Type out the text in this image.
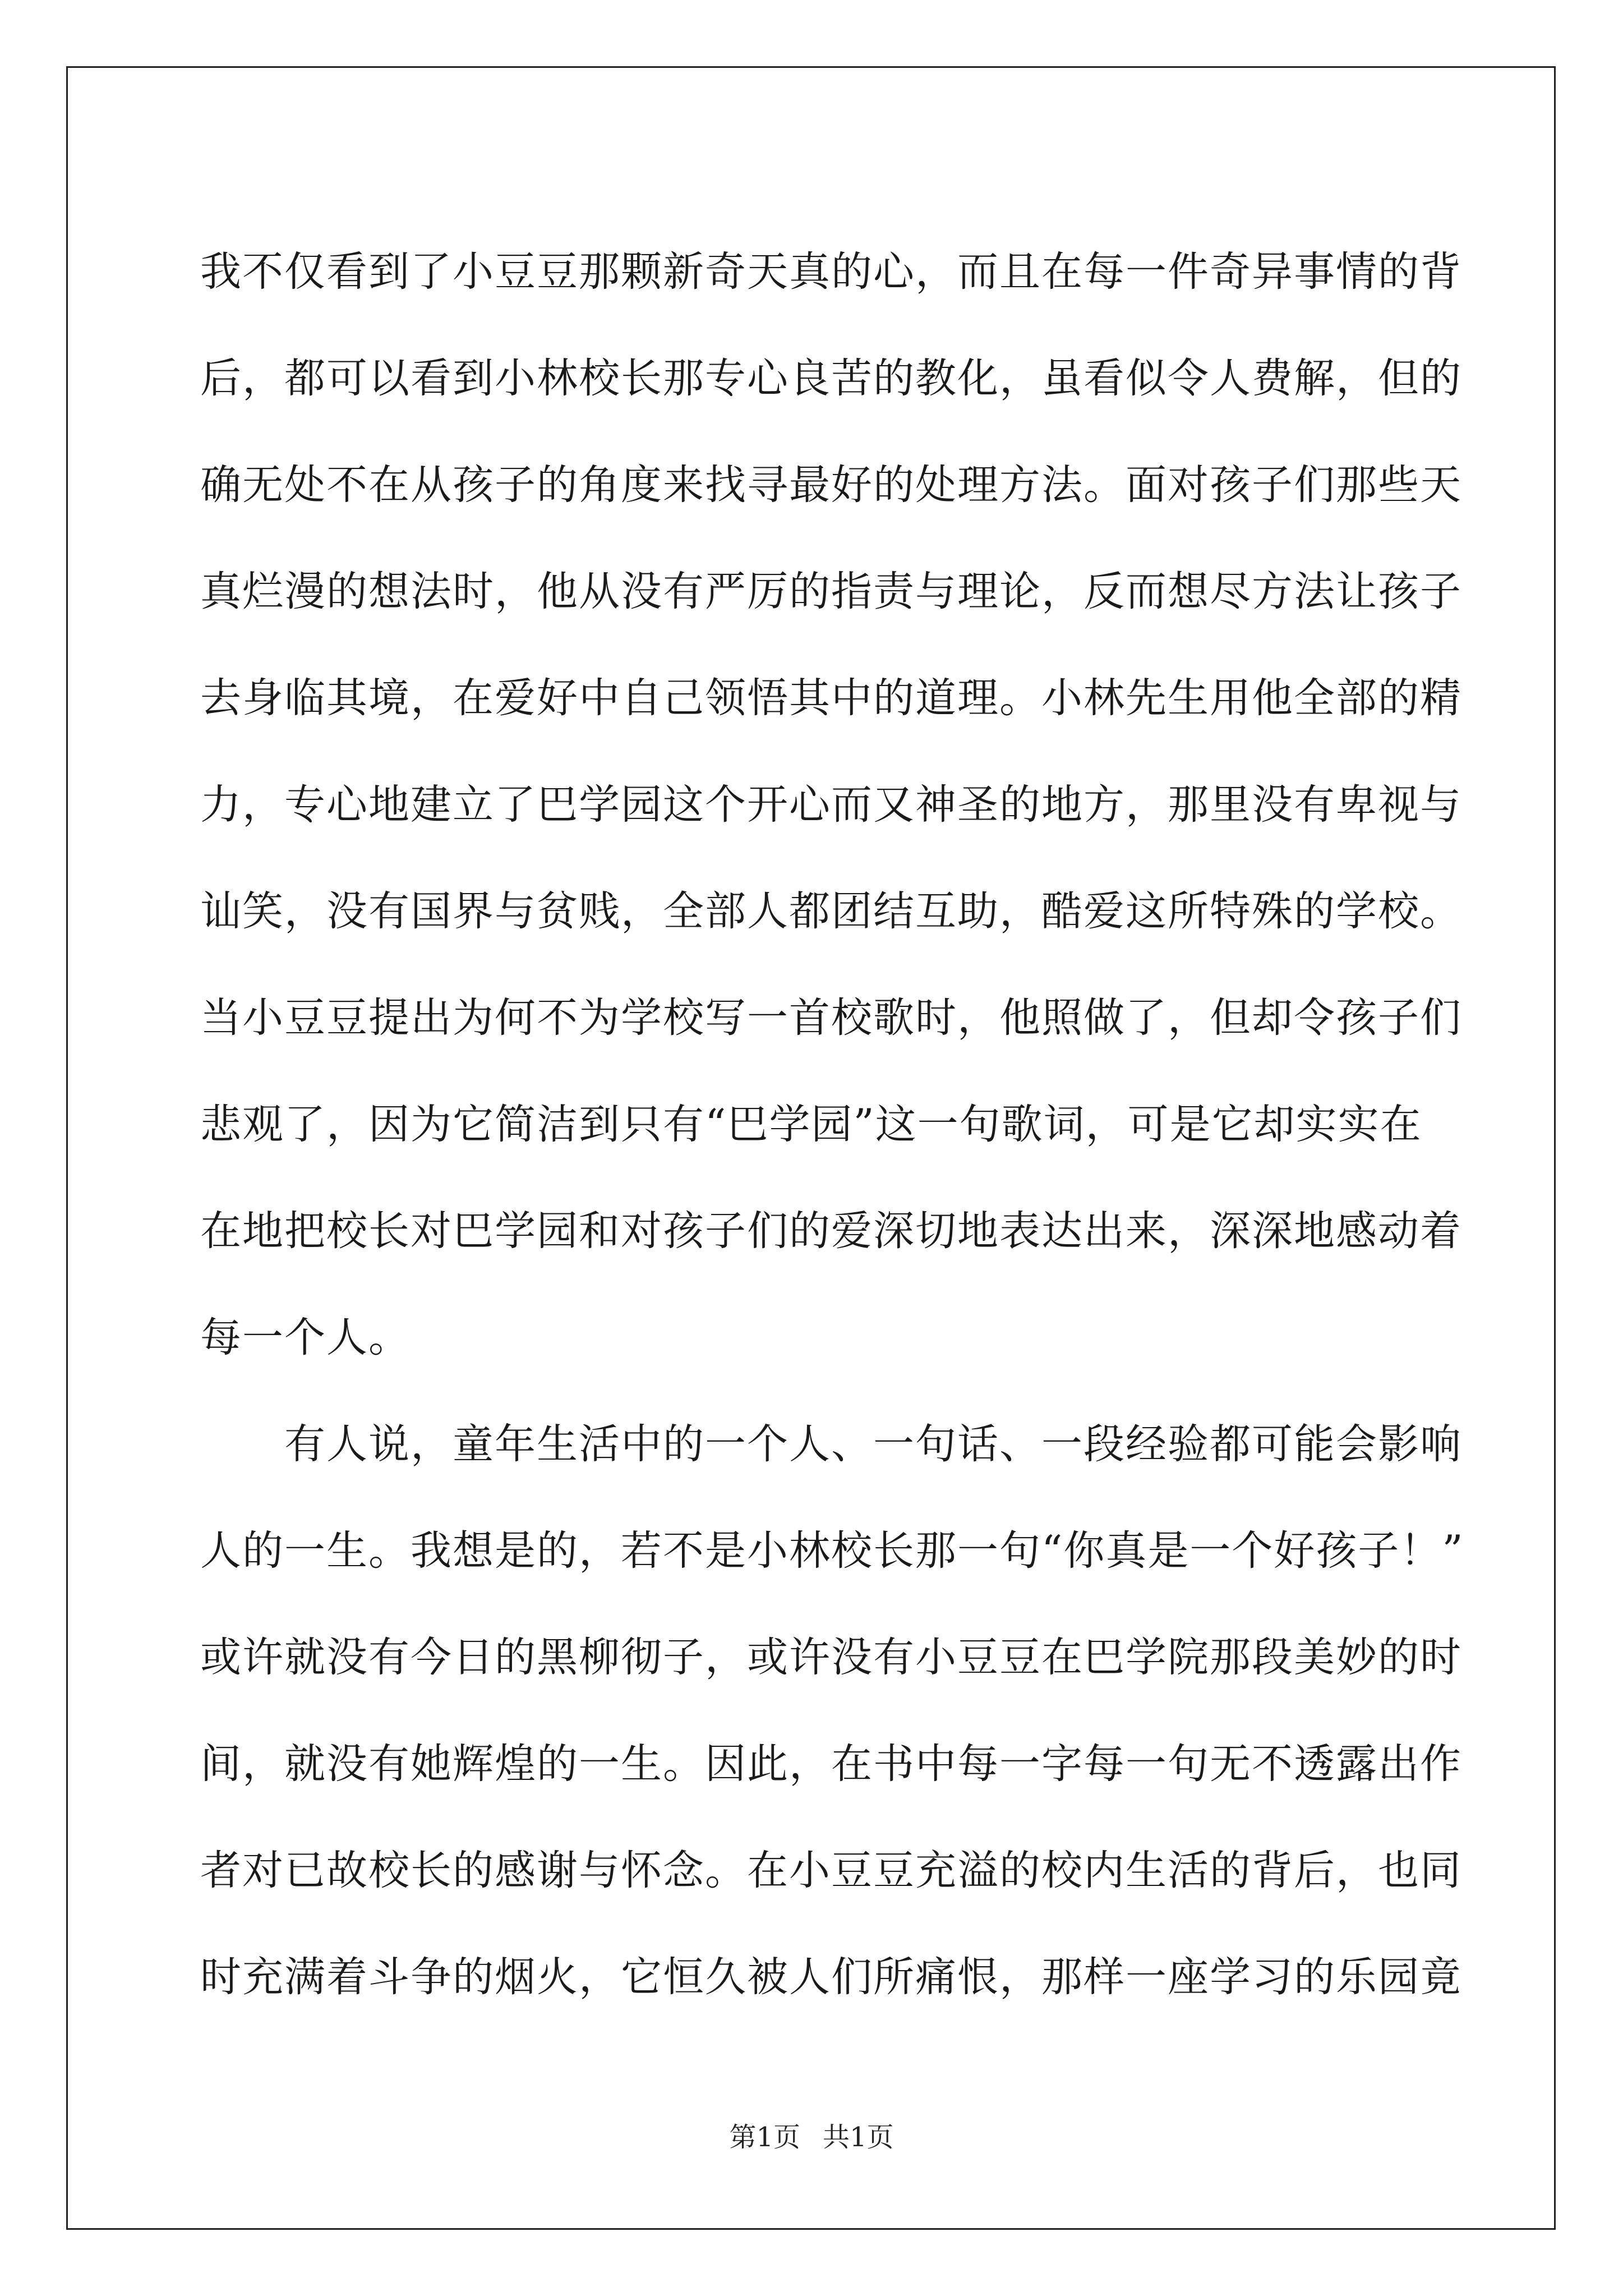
我不仅看到了小豆豆那颗新奇天真的心，而且在每一件奇异事情的背
后，都可以看到小林校长那专心良苦的教化，虽看似令人费解，但的
确无处不在从孩子的角度来找寻最好的处理方法。面对孩子们那些天
真烂漫的想法时，他从没有严厉的指责与理论，反而想尽方法让孩子
去身临其境，在爱好中自己领悟其中的道理。小林先生用他全部的精
力，专心地建立了巴学园这个开心而又神圣的地方，那里没有卑视与
讪笑，没有国界与贫贱，全部人都团结互助，酷爱这所特殊的学校。
当小豆豆提出为何不为学校写一首校歌时，他照做了，但却令孩子们
悲观了，因为它简洁到只有“巴学园”这一句歌词，可是它却实实在
在地把校长对巴学园和对孩子们的爱深切地表达出来，深深地感动着
每一个人。
有人说，童年生活中的一个人、一句话、一段经验都可能会影响
人的一生。我想是的，若不是小林校长那一句“你真是一个好孩子！”
或许就没有今日的黑柳彻子，或许没有小豆豆在巴学院那段美妙的时
间，就没有她辉煌的一生。因此，在书中每一字每一句无不透露出作
者对已故校长的感谢与怀念。在小豆豆充溢的校内生活的背后，也同
时充满着斗争的烟火，它恒久被人们所痛恨，那样一座学习的乐园竟
第1页 共1页
